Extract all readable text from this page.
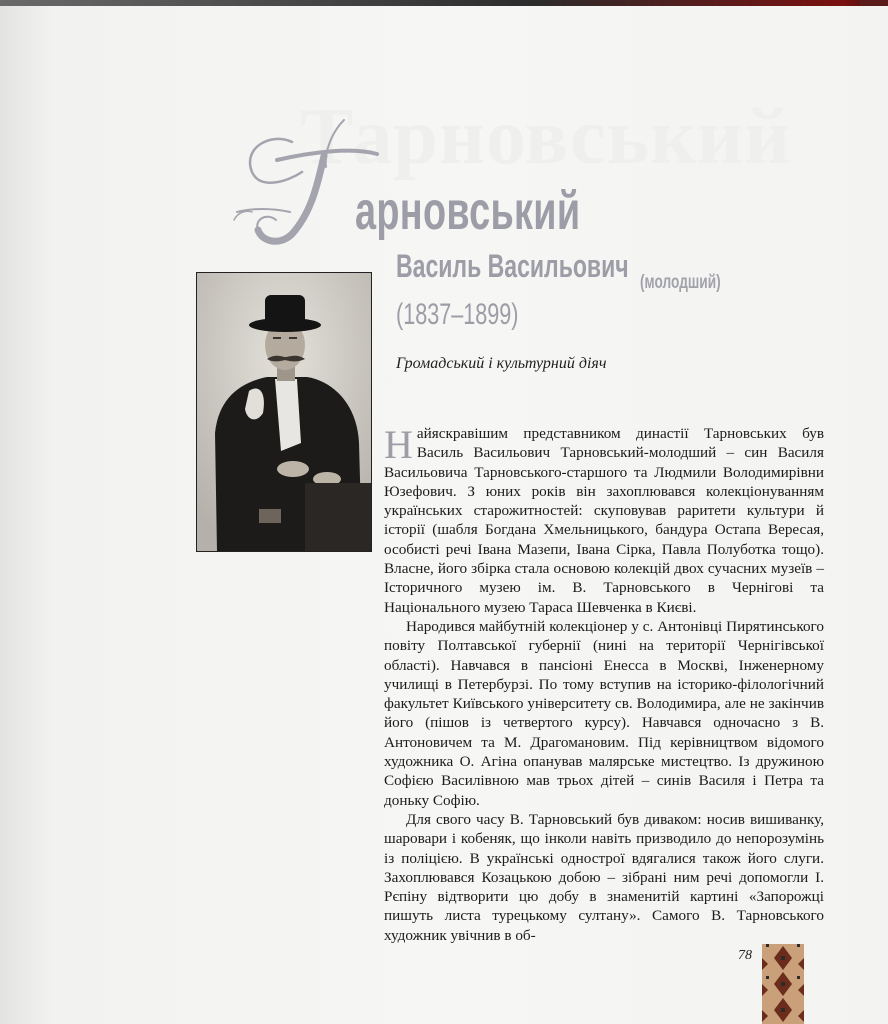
Тарновський
Т арновський
Василь Васильович (молодший)
(1837–1899)
Громадський і культурний діяч

Найяскравішим представником династії Тарновських був Василь Васильович Тарновський-молодший – син Василя Васильовича Тарновського-старшого та Людмили Володимирівни Юзефович. З юних років він захоплювався колекціонуванням українських старожитностей: скуповував раритети культури й історії (шабля Богдана Хмельницького, бандура Остапа Вересая, особисті речі Івана Мазепи, Івана Сірка, Павла Полуботка тощо). Власне, його збірка стала основою колекцій двох сучасних музеїв – Історичного музею ім. В. Тарновського в Чернігові та Національного музею Тараса Шевченка в Києві.

Народився майбутній колекціонер у с. Антонівці Пирятинського повіту Полтавської губернії (нині на території Чернігівської області). Навчався в пансіоні Енесса в Москві, Інженерному училищі в Петербурзі. По тому вступив на історико-філологічний факультет Київського університету св. Володимира, але не закінчив його (пішов із четвертого курсу). Навчався одночасно з В. Антоновичем та М. Драгомановим. Під керівництвом відомого художника О. Агіна опанував малярське мистецтво. Із дружиною Софією Василівною мав трьох дітей – синів Василя і Петра та доньку Софію.

Для свого часу В. Тарновський був диваком: носив вишиванку, шаровари і кобеняк, що інколи навіть призводило до непорозумінь із поліцією. В українські однострої вдягалися також його слуги. Захоплювався Козацькою добою – зібрані ним речі допомогли І. Рєпіну відтворити цю добу в знаменитій картині «Запорожці пишуть листа турецькому султану». Самого В. Тарновського художник увічнив в об-

78
